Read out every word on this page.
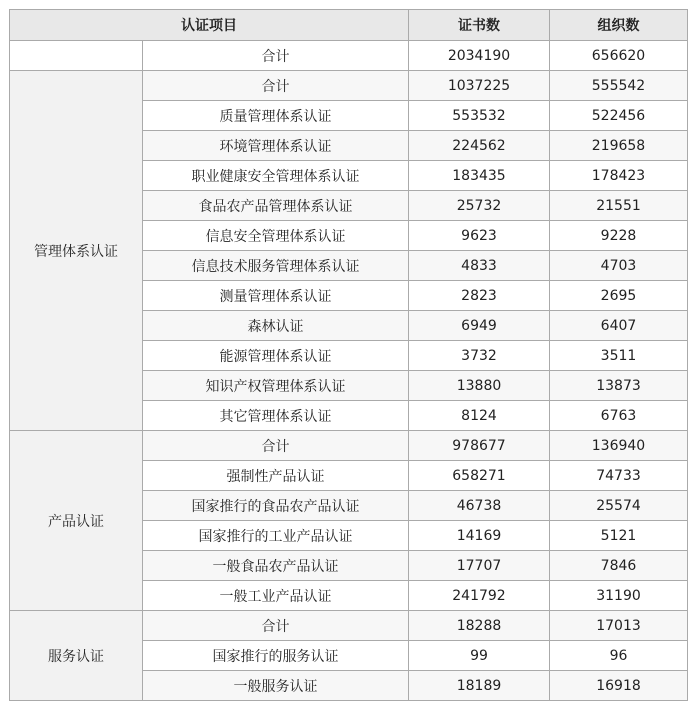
认证项目		证书数	组织数
	合计	2034190	656620
管理体系认证	合计	1037225	555542
	质量管理体系认证	553532	522456
	环境管理体系认证	224562	219658
	职业健康安全管理体系认证	183435	178423
	食品农产品管理体系认证	25732	21551
	信息安全管理体系认证	9623	9228
	信息技术服务管理体系认证	4833	4703
	测量管理体系认证	2823	2695
	森林认证	6949	6407
	能源管理体系认证	3732	3511
	知识产权管理体系认证	13880	13873
	其它管理体系认证	8124	6763
产品认证	合计	978677	136940
	强制性产品认证	658271	74733
	国家推行的食品农产品认证	46738	25574
	国家推行的工业产品认证	14169	5121
	一般食品农产品认证	17707	7846
	一般工业产品认证	241792	31190
服务认证	合计	18288	17013
	国家推行的服务认证	99	96
	一般服务认证	18189	16918
